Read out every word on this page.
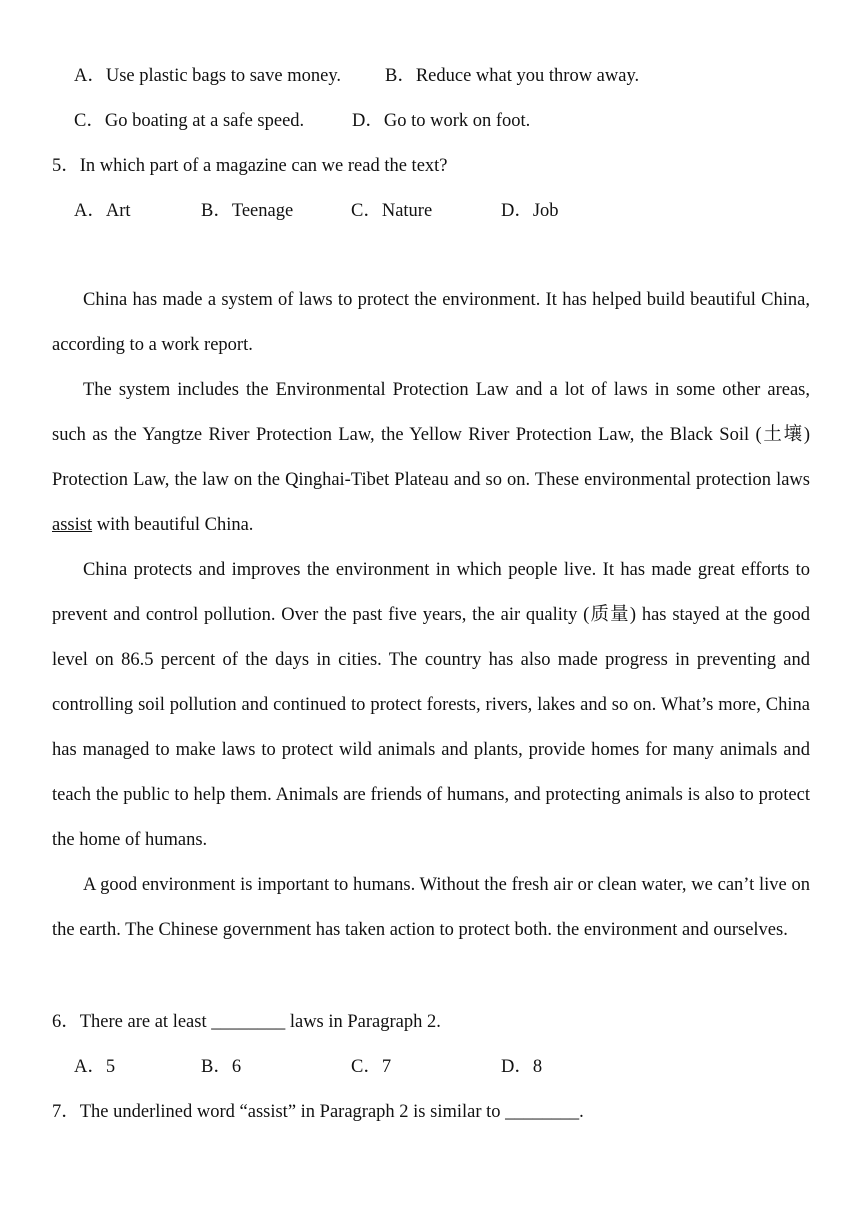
A．Use plastic bags to save money. B．Reduce what you throw away.
C．Go boating at a safe speed.	D．Go to work on foot.
5．In which part of a magazine can we read the text?
A．Art	B．Teenage	C．Nature	D．Job

China has made a system of laws to protect the environment. It has helped build beautiful China, according to a work report.

The system includes the Environmental Protection Law and a lot of laws in some other areas, such as the Yangtze River Protection Law, the Yellow River Protection Law, the Black Soil (土壤) Protection Law, the law on the Qinghai-Tibet Plateau and so on. These environmental protection laws assist with beautiful China.

China protects and improves the environment in which people live. It has made great efforts to prevent and control pollution. Over the past five years, the air quality (质量) has stayed at the good level on 86.5 percent of the days in cities. The country has also made progress in preventing and controlling soil pollution and continued to protect forests, rivers, lakes and so on. What’s more, China has managed to make laws to protect wild animals and plants, provide homes for many animals and teach the public to help them. Animals are friends of humans, and protecting animals is also to protect the home of humans.

A good environment is important to humans. Without the fresh air or clean water, we can’t live on the earth. The Chinese government has taken action to protect both. the environment and ourselves.

6．There are at least ________ laws in Paragraph 2.
A．5	B．6	C．7	D．8
7．The underlined word “assist” in Paragraph 2 is similar to ________.
